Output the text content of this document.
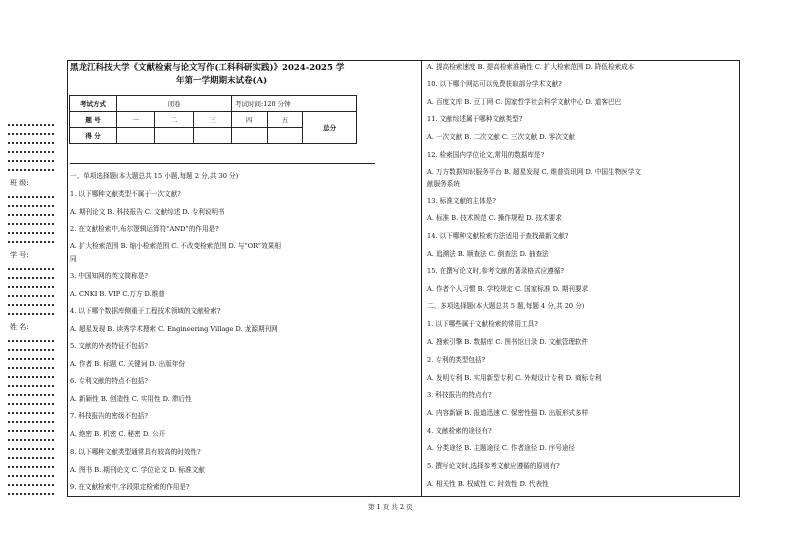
班 级:
学 号:
姓 名:
黑龙江科技大学《文献检索与论文写作(工科科研实践)》2024-2025 学
年第一学期期末试卷(A)
考试方式	闭卷			考试时间:120 分钟		
题 号	一	二	三	四	五	总分
得 分						
一、单项选择题(本大题总共 15 小题,每题 2 分,共 30 分)
1. 以下哪种文献类型不属于一次文献?
A. 期刊论文 B. 科技报告 C. 文献综述 D. 专利说明书
2. 在文献检索中,布尔逻辑运算符“AND”的作用是?
A. 扩大检索范围 B. 缩小检索范围 C. 不改变检索范围 D. 与“OR”效果相
同
3. 中国知网的英文简称是?
A. CNKI B. VIP C.万方 D.维普
4. 以下哪个数据库侧重于工程技术领域的文献检索?
A. 超星发现 B. 读秀学术搜索 C. Engineering Village D. 龙源期刊网
5. 文献的外表特征不包括?
A. 作者 B. 标题 C. 关键词 D. 出版年份
6. 专利文献的特点不包括?
A. 新颖性 B. 创造性 C. 实用性 D. 滞后性
7. 科技报告的密级不包括?
A. 绝密 B. 机密 C. 秘密 D. 公开
8. 以下哪种文献类型通常具有较高的时效性?
A. 图书 B. 期刊论文 C. 学位论文 D. 标准文献
9. 在文献检索中,字段限定检索的作用是?
A. 提高检索速度 B. 提高检索准确性 C. 扩大检索范围 D. 降低检索成本
10. 以下哪个网站可以免费获取部分学术文献?
A. 百度文库 B. 豆丁网 C. 国家哲学社会科学文献中心 D. 道客巴巴
11. 文献综述属于哪种文献类型?
A. 一次文献 B. 二次文献 C. 三次文献 D. 零次文献
12. 检索国内学位论文,常用的数据库是?
A. 万方数据知识服务平台 B. 超星发现 C. 维普资讯网 D. 中国生物医学文
献服务系统
13. 标准文献的主体是?
A. 标准 B. 技术规范 C. 操作规程 D. 技术要求
14. 以下哪种文献检索方法适用于查找最新文献?
A. 追溯法 B. 顺查法 C. 倒查法 D. 抽查法
15. 在撰写论文时,参考文献的著录格式应遵循?
A. 作者个人习惯 B. 学校规定 C. 国家标准 D. 期刊要求
二、多项选择题(本大题总共 5 题,每题 4 分,共 20 分)
1. 以下哪些属于文献检索的常用工具?
A. 搜索引擎 B. 数据库 C. 图书馆目录 D. 文献管理软件
2. 专利的类型包括?
A. 发明专利 B. 实用新型专利 C. 外观设计专利 D. 商标专利
3. 科技报告的特点有?
A. 内容新颖 B. 报道迅速 C. 保密性强 D. 出版形式多样
4. 文献检索的途径有?
A. 分类途径 B. 主题途径 C. 作者途径 D. 序号途径
5. 撰写论文时,选择参考文献应遵循的原则有?
A. 相关性 B. 权威性 C. 时效性 D. 代表性
第 1 页 共 2 页
